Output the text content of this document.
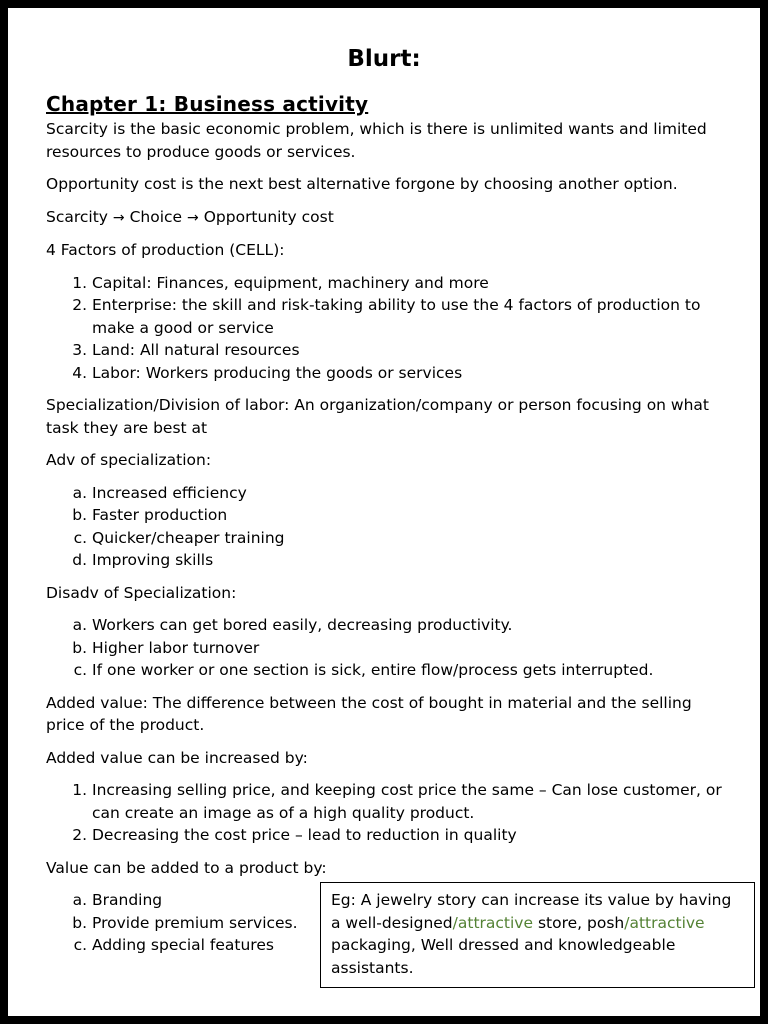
Blurt:
Chapter 1: Business activity

Scarcity is the basic economic problem, which is there is unlimited wants and limited resources to produce goods or services.

Opportunity cost is the next best alternative forgone by choosing another option.

Scarcity → Choice → Opportunity cost

4 Factors of production (CELL):

1. Capital: Finances, equipment, machinery and more
2. Enterprise: the skill and risk-taking ability to use the 4 factors of production to make a good or service
3. Land: All natural resources
4. Labor: Workers producing the goods or services

Specialization/Division of labor: An organization/company or person focusing on what task they are best at

Adv of specialization:

a. Increased efficiency
b. Faster production
c. Quicker/cheaper training
d. Improving skills

Disadv of Specialization:

a. Workers can get bored easily, decreasing productivity.
b. Higher labor turnover
c. If one worker or one section is sick, entire flow/process gets interrupted.

Added value: The difference between the cost of bought in material and the selling price of the product.

Added value can be increased by:

1. Increasing selling price, and keeping cost price the same – Can lose customer, or can create an image as of a high quality product.
2. Decreasing the cost price – lead to reduction in quality

Value can be added to a product by:

a. Branding
b. Provide premium services.
c. Adding special features
Eg: A jewelry story can increase its value by having a well-designed/attractive store, posh/attractive packaging, Well dressed and knowledgeable assistants.
